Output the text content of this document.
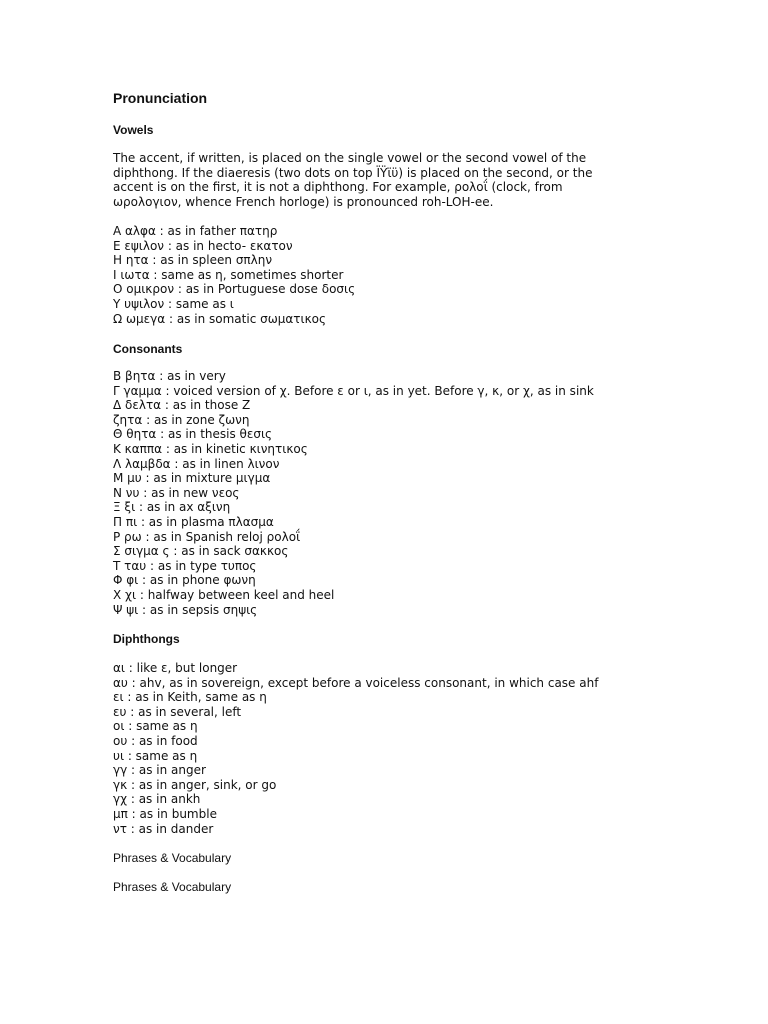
Pronunciation
Vowels
The accent, if written, is placed on the single vowel or the second vowel of the
diphthong. If the diaeresis (two dots on top ÏŸϊϋ) is placed on the second, or the
accent is on the first, it is not a diphthong. For example, ρολοΐ (clock, from
ωρολογιον, whence French horloge) is pronounced roh-LOH-ee.
Α αλφα : as in father πατηρ
Ε εψιλον : as in hecto- εκατον
Η ητα : as in spleen σπλην
Ι ιωτα : same as η, sometimes shorter
Ο ομικρον : as in Portuguese dose δοσις
Υ υψιλον : same as ι
Ω ωμεγα : as in somatic σωματικος
Consonants
Β βητα : as in very
Γ γαμμα : voiced version of χ. Before ε or ι, as in yet. Before γ, κ, or χ, as in sink
Δ δελτα : as in those Ζ
ζητα : as in zone ζωνη
Θ θητα : as in thesis θεσις
Κ καππα : as in kinetic κινητικος
Λ λαμβδα : as in linen λινον
Μ μυ : as in mixture μιγμα
Ν νυ : as in new νεος
Ξ ξι : as in ax αξινη
Π πι : as in plasma πλασμα
Ρ ρω : as in Spanish reloj ρολοΐ
Σ σιγμα ς : as in sack σακκος
Τ ταυ : as in type τυπος
Φ φι : as in phone φωνη
Χ χι : halfway between keel and heel
Ψ ψι : as in sepsis σηψις
Diphthongs
αι : like ε, but longer
αυ : ahv, as in sovereign, except before a voiceless consonant, in which case ahf
ει : as in Keith, same as η
ευ : as in several, left
οι : same as η
ου : as in food
υι : same as η
γγ : as in anger
γκ : as in anger, sink, or go
γχ : as in ankh
μπ : as in bumble
ντ : as in dander

Phrases & Vocabulary

Phrases & Vocabulary
